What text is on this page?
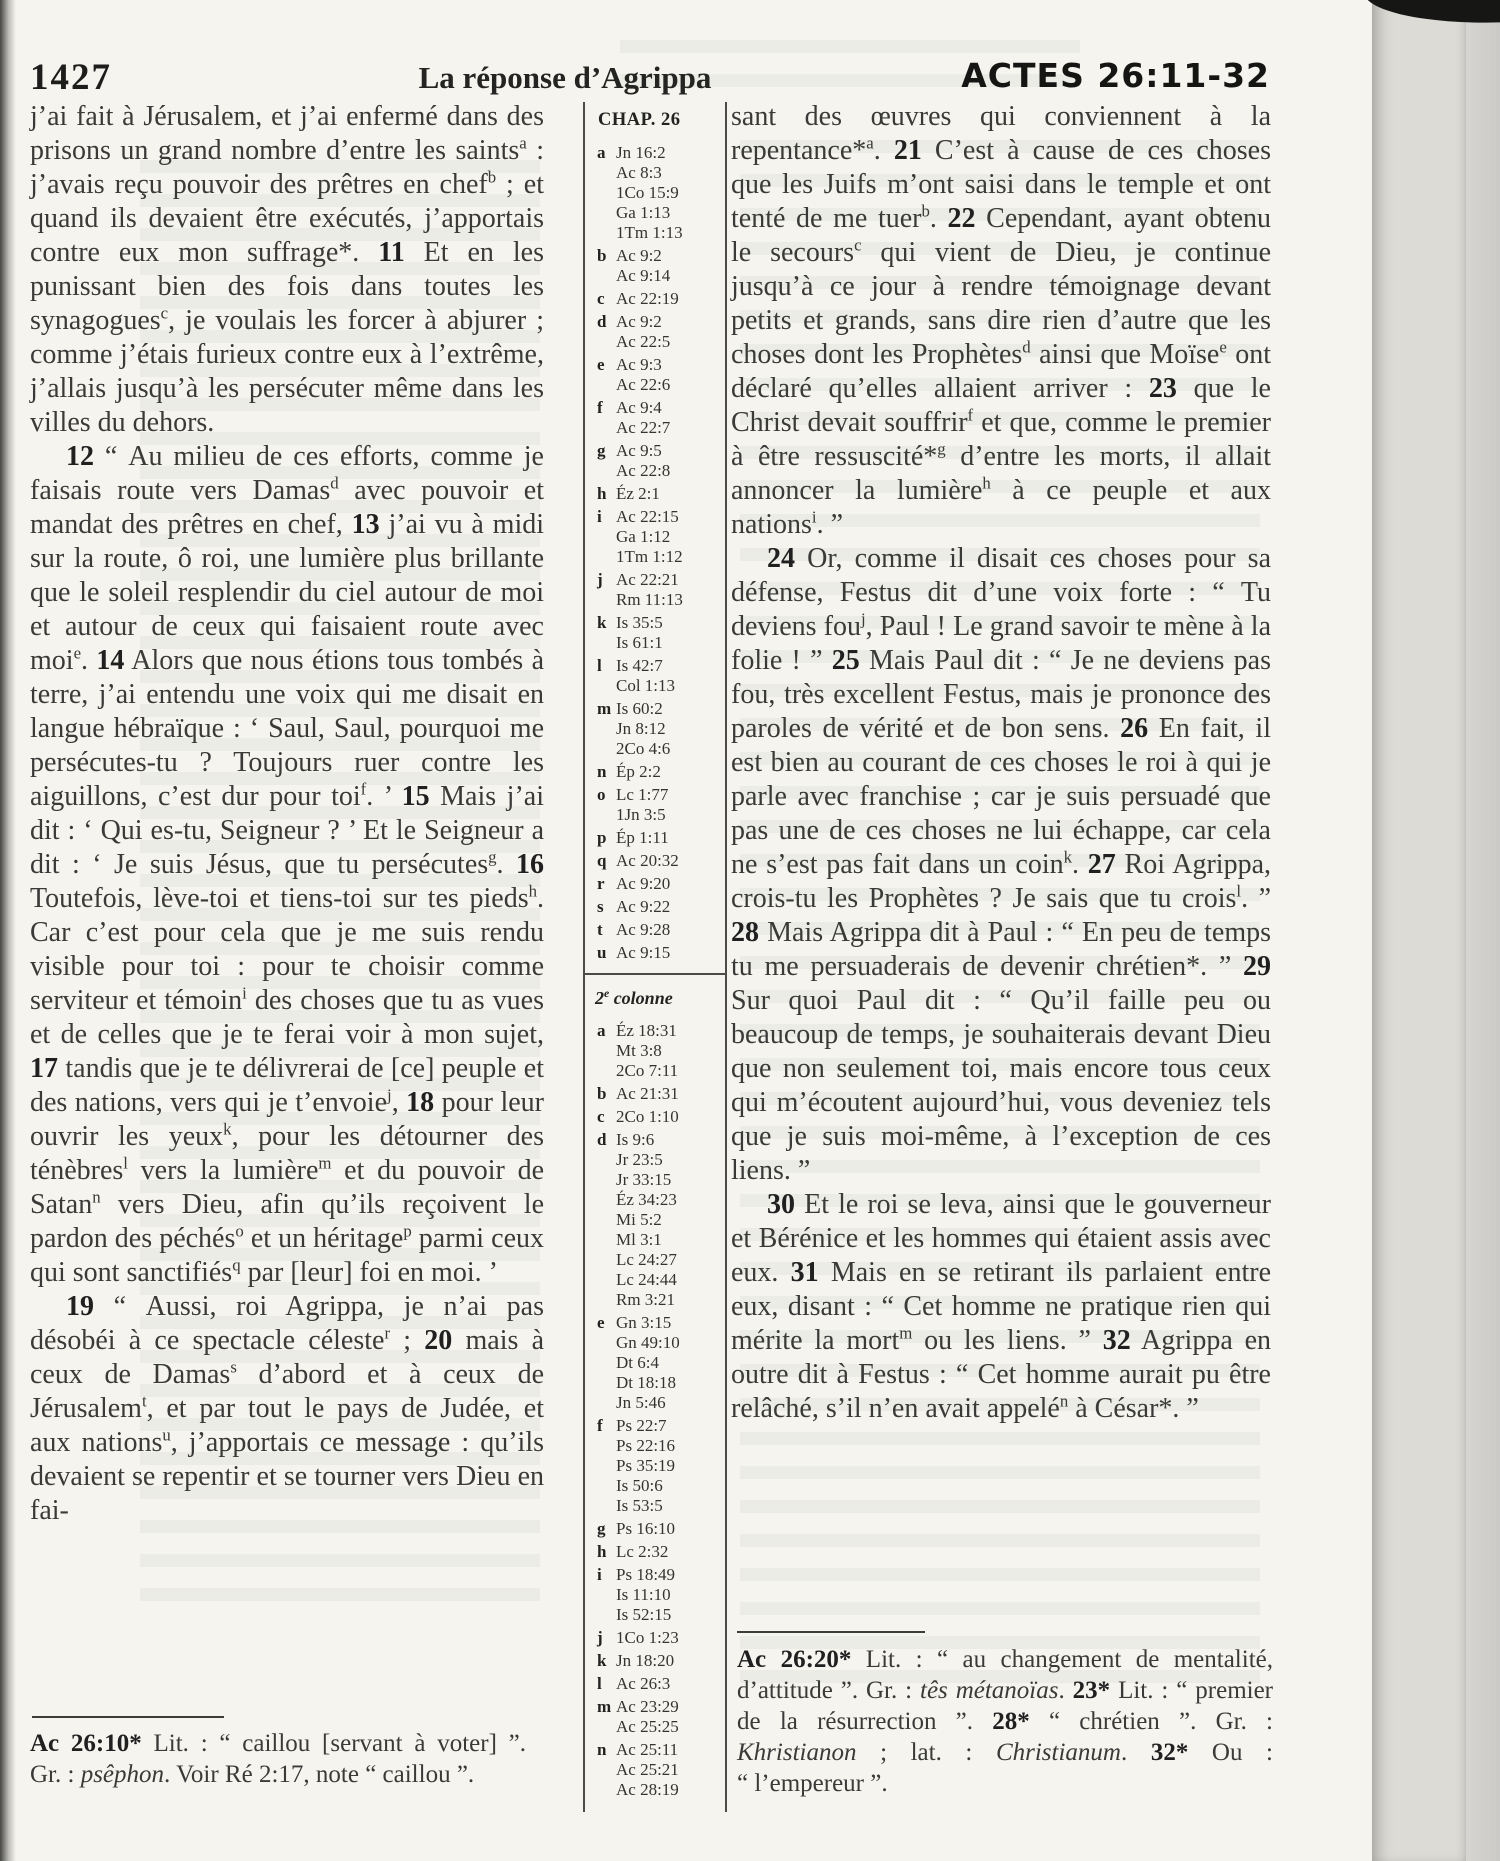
1427	La réponse d’Agrippa	ACTES 26:11-32

j’ai fait à Jérusalem, et j’ai enfermé dans des prisons un grand nombre d’entre les saints$^a$ : j’avais reçu pouvoir des prêtres en chef$^b$ ; et quand ils devaient être exécutés, j’apportais contre eux mon suffrage*. 11 Et en les punissant bien des fois dans toutes les synagogues$^c$, je voulais les forcer à abjurer ; comme j’étais furieux contre eux à l’extrême, j’allais jusqu’à les persécuter même dans les villes du dehors.

12 “ Au milieu de ces efforts, comme je faisais route vers Damas$^d$ avec pouvoir et mandat des prêtres en chef, 13 j’ai vu à midi sur la route, ô roi, une lumière plus brillante que le soleil resplendir du ciel autour de moi et autour de ceux qui faisaient route avec moi$^e$. 14 Alors que nous étions tous tombés à terre, j’ai entendu une voix qui me disait en langue hébraïque : ‘ Saul, Saul, pourquoi me persécutes-tu ? Toujours ruer contre les aiguillons, c’est dur pour toi$^f$. ’ 15 Mais j’ai dit : ‘ Qui es-tu, Seigneur ? ’ Et le Seigneur a dit : ‘ Je suis Jésus, que tu persécutes$^g$. 16 Toutefois, lève-toi et tiens-toi sur tes pieds$^h$. Car c’est pour cela que je me suis rendu visible pour toi : pour te choisir comme serviteur et témoin$^i$ des choses que tu as vues et de celles que je te ferai voir à mon sujet, 17 tandis que je te délivrerai de [ce] peuple et des nations, vers qui je t’envoie$^j$, 18 pour leur ouvrir les yeux$^k$, pour les détourner des ténèbres$^l$ vers la lumière$^m$ et du pouvoir de Satan$^n$ vers Dieu, afin qu’ils reçoivent le pardon des péchés$^o$ et un héritage$^p$ parmi ceux qui sont sanctifiés$^q$ par [leur] foi en moi. ’

19 “ Aussi, roi Agrippa, je n’ai pas désobéi à ce spectacle céleste$^r$ ; 20 mais à ceux de Damas$^s$ d’abord et à ceux de Jérusalem$^t$, et par tout le pays de Judée, et aux nations$^u$, j’apportais ce message : qu’ils devaient se repentir et se tourner vers Dieu en fai-

CHAP. 26
a Jn 16:2
Ac 8:3
1Co 15:9
Ga 1:13
1Tm 1:13
b Ac 9:2
Ac 9:14
c Ac 22:19
d Ac 9:2
Ac 22:5
e Ac 9:3
Ac 22:6
f Ac 9:4
Ac 22:7
g Ac 9:5
Ac 22:8
h Éz 2:1
i Ac 22:15
Ga 1:12
1Tm 1:12
j Ac 22:21
Rm 11:13
k Is 35:5
Is 61:1
l Is 42:7
Col 1:13
m Is 60:2
Jn 8:12
2Co 4:6
n Ép 2:2
o Lc 1:77
1Jn 3:5
p Ép 1:11
q Ac 20:32
r Ac 9:20
s Ac 9:22
t Ac 9:28
u Ac 9:15
2e colonne
a Éz 18:31
Mt 3:8
2Co 7:11
b Ac 21:31
c 2Co 1:10
d Is 9:6
Jr 23:5
Jr 33:15
Éz 34:23
Mi 5:2
Ml 3:1
Lc 24:27
Lc 24:44
Rm 3:21
e Gn 3:15
Gn 49:10
Dt 6:4
Dt 18:18
Jn 5:46
f Ps 22:7
Ps 22:16
Ps 35:19
Is 50:6
Is 53:5
g Ps 16:10
h Lc 2:32
i Ps 18:49
Is 11:10
Is 52:15
j 1Co 1:23
k Jn 18:20
l Ac 26:3
m Ac 23:29
Ac 25:25
n Ac 25:11
Ac 25:21
Ac 28:19

sant des œuvres qui conviennent à la repentance*$^a$. 21 C’est à cause de ces choses que les Juifs m’ont saisi dans le temple et ont tenté de me tuer$^b$. 22 Cependant, ayant obtenu le secours$^c$ qui vient de Dieu, je continue jusqu’à ce jour à rendre témoignage devant petits et grands, sans dire rien d’autre que les choses dont les Prophètes$^d$ ainsi que Moïse$^e$ ont déclaré qu’elles allaient arriver : 23 que le Christ devait souffrir$^f$ et que, comme le premier à être ressuscité*$^g$ d’entre les morts, il allait annoncer la lumière$^h$ à ce peuple et aux nations$^i$. ”

24 Or, comme il disait ces choses pour sa défense, Festus dit d’une voix forte : “ Tu deviens fou$^j$, Paul ! Le grand savoir te mène à la folie ! ” 25 Mais Paul dit : “ Je ne deviens pas fou, très excellent Festus, mais je prononce des paroles de vérité et de bon sens. 26 En fait, il est bien au courant de ces choses le roi à qui je parle avec franchise ; car je suis persuadé que pas une de ces choses ne lui échappe, car cela ne s’est pas fait dans un coin$^k$. 27 Roi Agrippa, crois-tu les Prophètes ? Je sais que tu crois$^l$. ” 28 Mais Agrippa dit à Paul : “ En peu de temps tu me persuaderais de devenir chrétien*. ” 29 Sur quoi Paul dit : “ Qu’il faille peu ou beaucoup de temps, je souhaiterais devant Dieu que non seulement toi, mais encore tous ceux qui m’écoutent aujourd’hui, vous deveniez tels que je suis moi-même, à l’exception de ces liens. ”

30 Et le roi se leva, ainsi que le gouverneur et Bérénice et les hommes qui étaient assis avec eux. 31 Mais en se retirant ils parlaient entre eux, disant : “ Cet homme ne pratique rien qui mérite la mort$^m$ ou les liens. ” 32 Agrippa en outre dit à Festus : “ Cet homme aurait pu être relâché, s’il n’en avait appelé$^n$ à César*. ”

Ac 26:10* Lit. : “ caillou [servant à voter] ”. Gr. : psêphon. Voir Ré 2:17, note “ caillou ”.
Ac 26:20* Lit. : “ au changement de mentalité, d’attitude ”. Gr. : tês métanoïas. 23* Lit. : “ premier de la résurrection ”. 28* “ chrétien ”. Gr. : Khristianon ; lat. : Christianum. 32* Ou : “ l’empereur ”.
